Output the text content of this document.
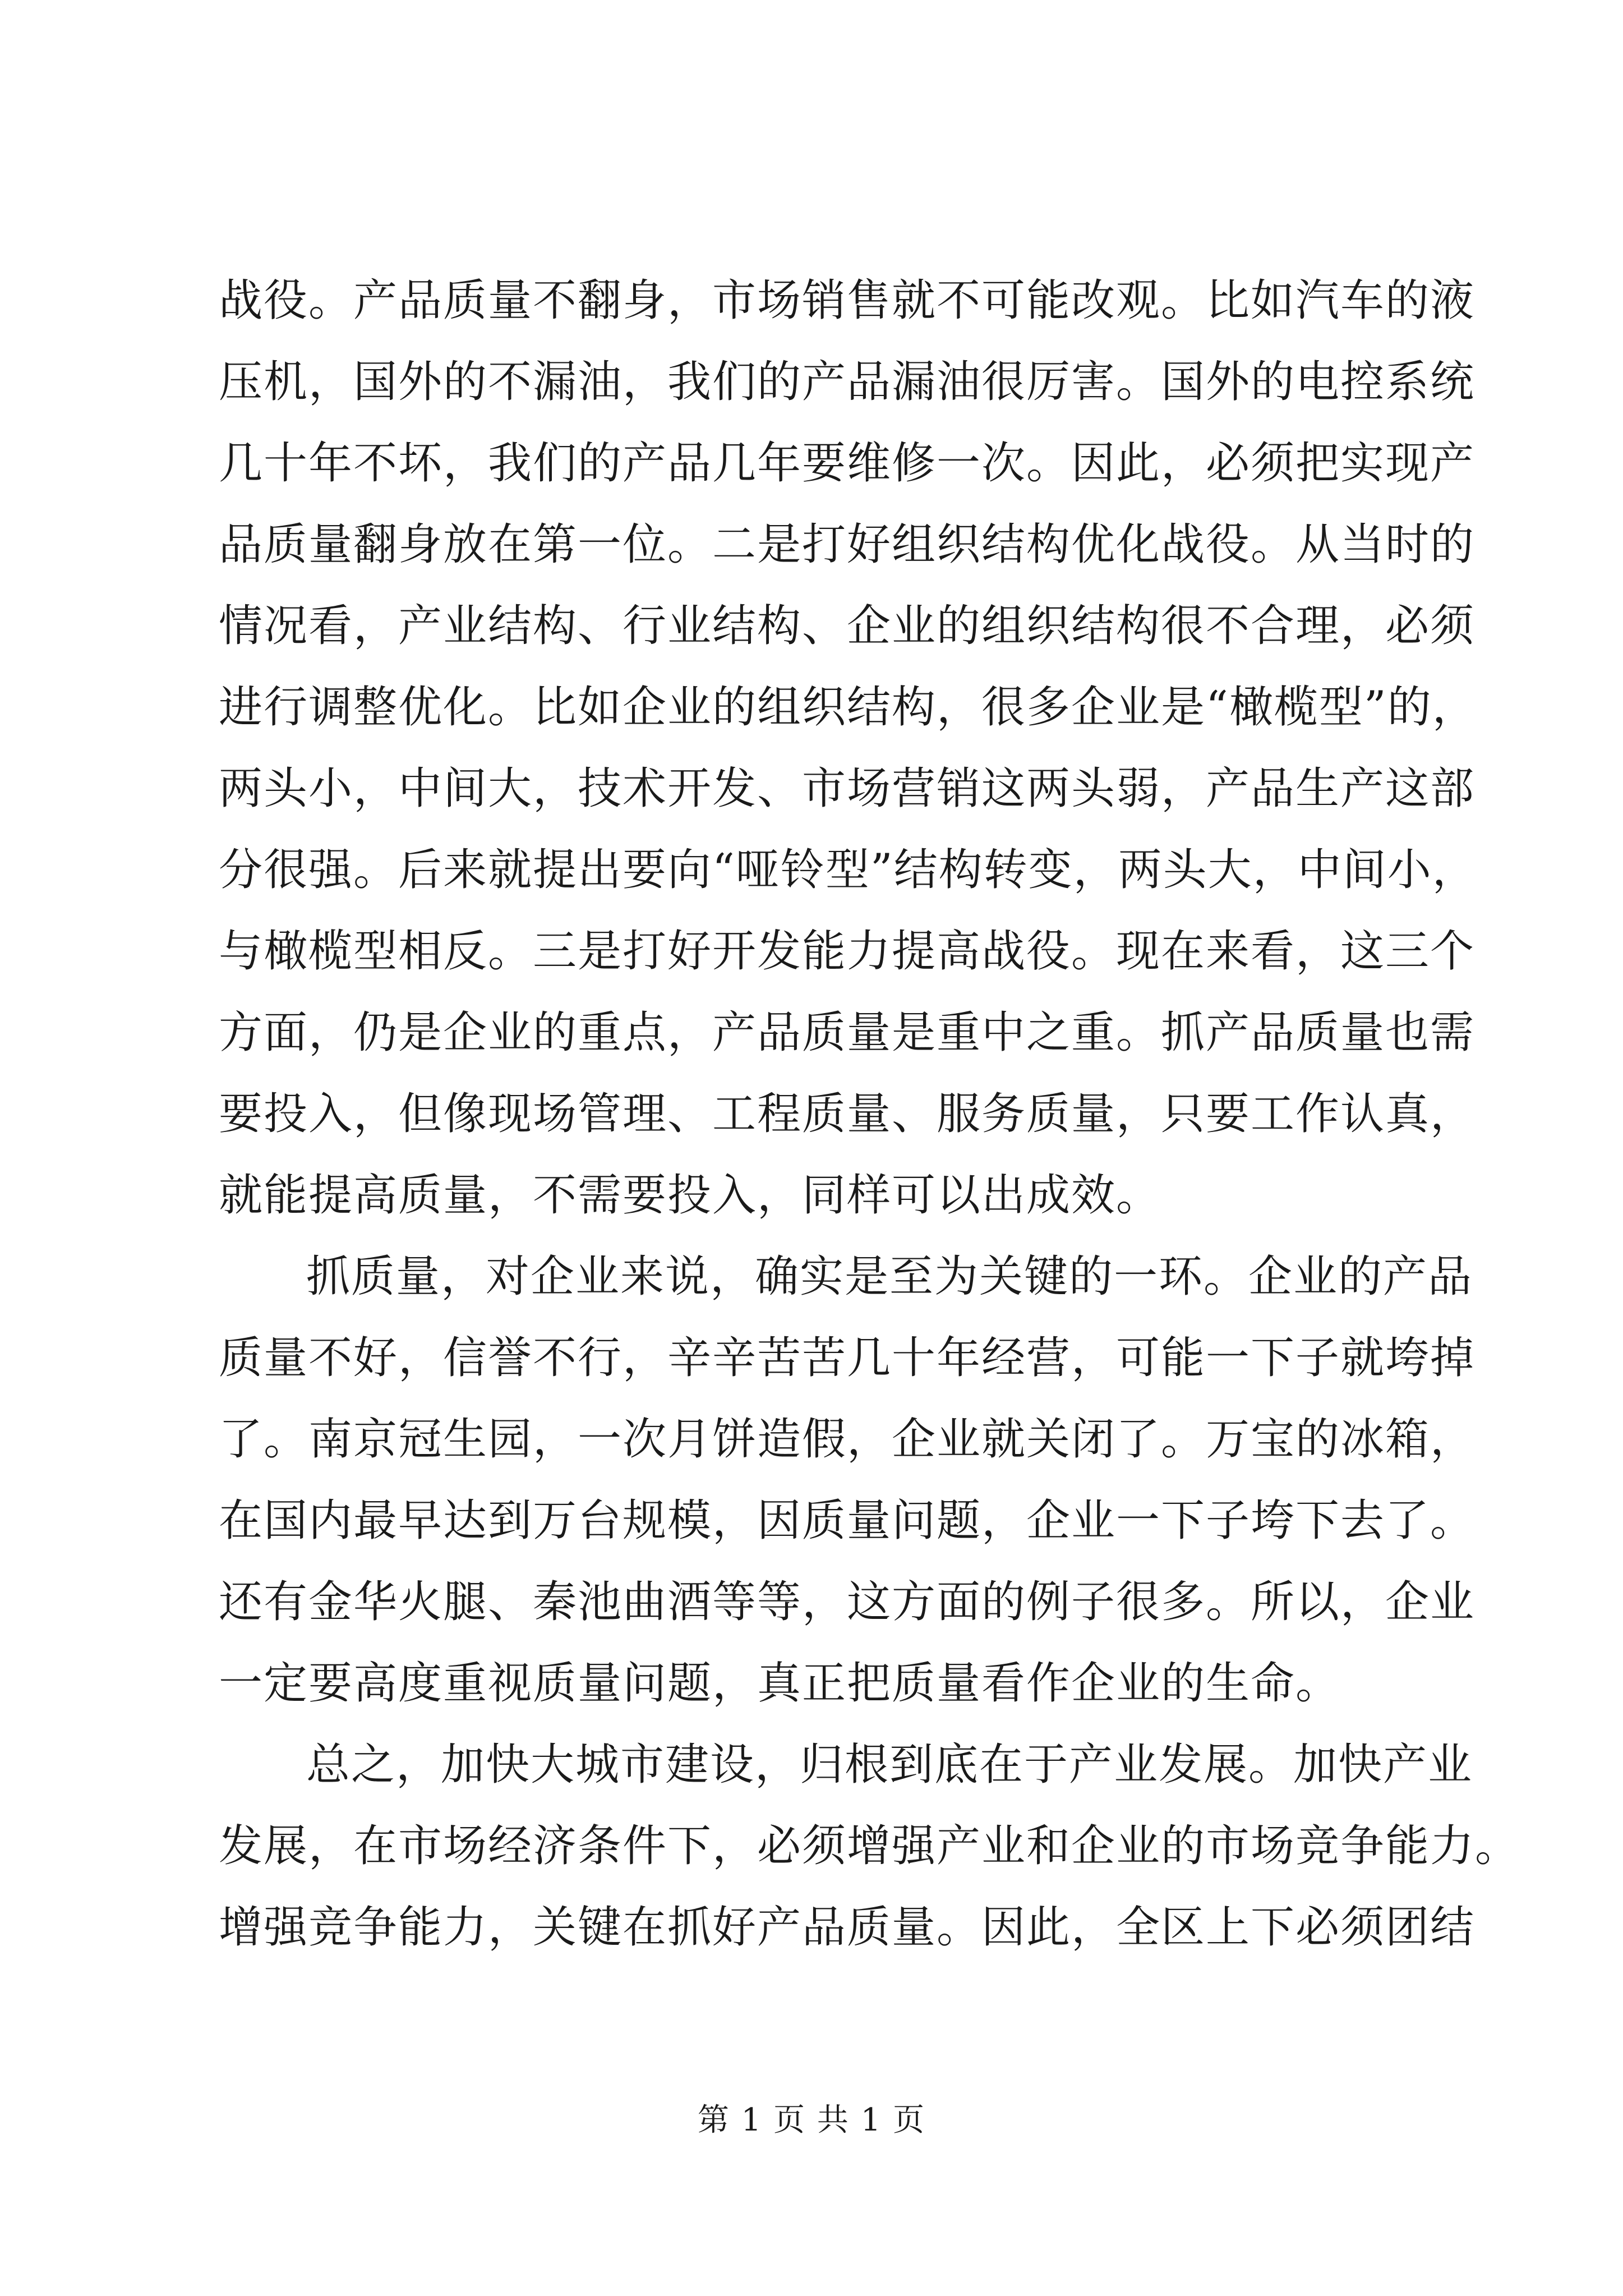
战役。产品质量不翻身，市场销售就不可能改观。比如汽车的液
压机，国外的不漏油，我们的产品漏油很厉害。国外的电控系统
几十年不坏，我们的产品几年要维修一次。因此，必须把实现产
品质量翻身放在第一位。二是打好组织结构优化战役。从当时的
情况看，产业结构、行业结构、企业的组织结构很不合理，必须
进行调整优化。比如企业的组织结构，很多企业是“橄榄型”的，
两头小，中间大，技术开发、市场营销这两头弱，产品生产这部
分很强。后来就提出要向“哑铃型”结构转变，两头大，中间小，
与橄榄型相反。三是打好开发能力提高战役。现在来看，这三个
方面，仍是企业的重点，产品质量是重中之重。抓产品质量也需
要投入，但像现场管理、工程质量、服务质量，只要工作认真，
就能提高质量，不需要投入，同样可以出成效。
抓质量，对企业来说，确实是至为关键的一环。企业的产品
质量不好，信誉不行，辛辛苦苦几十年经营，可能一下子就垮掉
了。南京冠生园，一次月饼造假，企业就关闭了。万宝的冰箱，
在国内最早达到万台规模，因质量问题，企业一下子垮下去了。
还有金华火腿、秦池曲酒等等，这方面的例子很多。所以，企业
一定要高度重视质量问题，真正把质量看作企业的生命。
总之，加快大城市建设，归根到底在于产业发展。加快产业
发展，在市场经济条件下，必须增强产业和企业的市场竞争能力。
增强竞争能力，关键在抓好产品质量。因此，全区上下必须团结
第 1 页 共 1 页
